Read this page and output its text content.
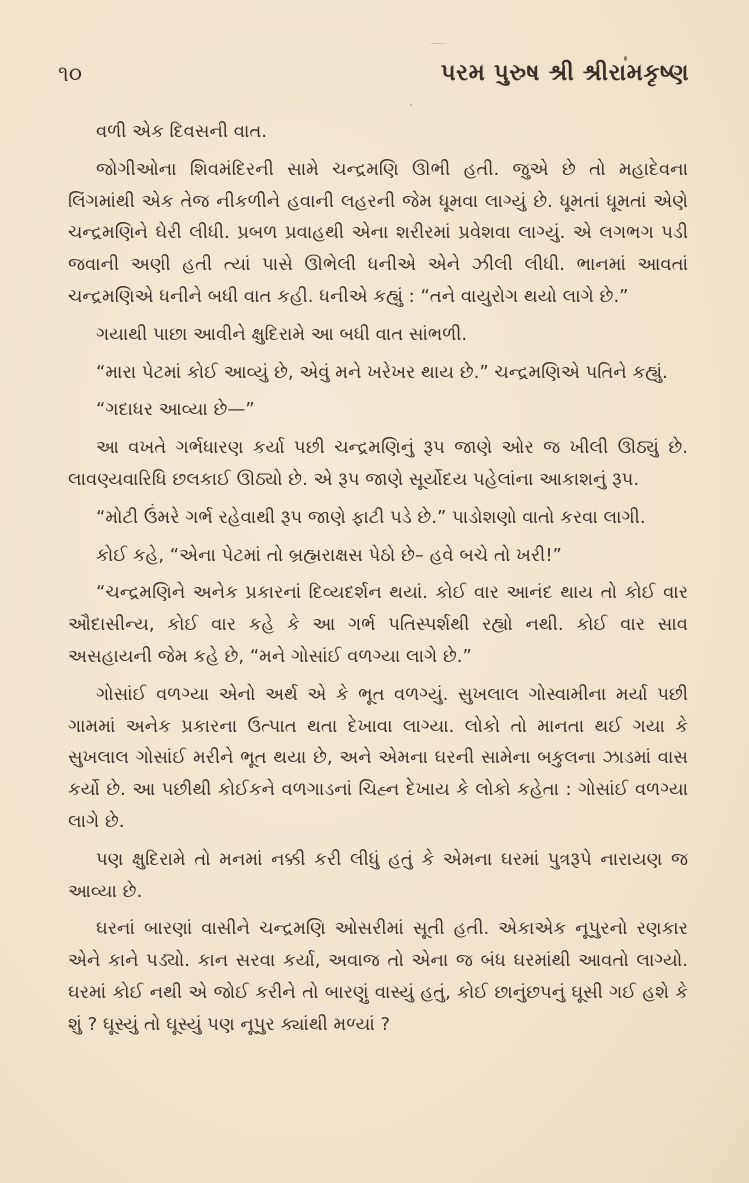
૧૦	પરમ પુરુષ શ્રી શ્રીરામકૃષ્ણ

વળી એક દિવસની વાત.

જોગીઓના શિવમંદિરની સામે ચન્દ્રમણિ ઊભી હતી. જુએ છે તો મહાદેવના લિંગમાંથી એક તેજ નીકળીને હવાની લહરની જેમ ધૂમવા લાગ્યું છે. ધૂમતાં ધૂમતાં એણે ચન્દ્રમણિને ઘેરી લીધી. પ્રબળ પ્રવાહથી એના શરીરમાં પ્રવેશવા લાગ્યું. એ લગભગ પડી જવાની અણી હતી ત્યાં પાસે ઊભેલી ધનીએ એને ઝીલી લીધી. ભાનમાં આવતાં ચન્દ્રમણિએ ધનીને બધી વાત કહી. ધનીએ કહ્યું : “તને વાયુરોગ થયો લાગે છે.”

ગયાથી પાછા આવીને ક્ષુદિરામે આ બધી વાત સાંભળી.

“મારા પેટમાં કોઈ આવ્યું છે, એવું મને ખરેખર થાય છે.” ચન્દ્રમણિએ પતિને કહ્યું.

“ગદાધર આવ્યા છે—”

આ વખતે ગર્ભધારણ કર્યા પછી ચન્દ્રમણિનું રૂપ જાણે ઓર જ ખીલી ઊઠ્યું છે. લાવણ્યવારિધિ છલકાઈ ઊઠ્યો છે. એ રૂપ જાણે સૂર્યોદય પહેલાંના આકાશનું રૂપ.

“મોટી ઉંમરે ગર્ભ રહેવાથી રૂપ જાણે ફાટી પડે છે.” પાડોશણો વાતો કરવા લાગી.

કોઈ કહે, “એના પેટમાં તો બ્રહ્મરાક્ષસ પેઠો છે– હવે બચે તો ખરી!”

“ચન્દ્રમણિને અનેક પ્રકારનાં દિવ્યદર્શન થયાં. કોઈ વાર આનંદ થાય તો કોઈ વાર ઔદાસીન્ય, કોઈ વાર કહે કે આ ગર્ભ પતિસ્પર્શથી રહ્યો નથી. કોઈ વાર સાવ અસહાયની જેમ કહે છે, “મને ગોસાંઈ વળગ્યા લાગે છે.”

ગોસાંઈ વળગ્યા એનો અર્થ એ કે ભૂત વળગ્યું. સુખલાલ ગોસ્વામીના મર્યા પછી ગામમાં અનેક પ્રકારના ઉત્પાત થતા દેખાવા લાગ્યા. લોકો તો માનતા થઈ ગયા કે સુખલાલ ગોસાંઈ મરીને ભૂત થયા છે, અને એમના ઘરની સામેના બકુલના ઝાડમાં વાસ કર્યો છે. આ પછીથી કોઈકને વળગાડનાં ચિહ્ન દેખાય કે લોકો કહેતા : ગોસાંઈ વળગ્યા લાગે છે.

પણ ક્ષુદિરામે તો મનમાં નક્કી કરી લીધું હતું કે એમના ઘરમાં પુત્રરૂપે નારાયણ જ આવ્યા છે.

ઘરનાં બારણાં વાસીને ચન્દ્રમણિ ઓસરીમાં સૂતી હતી. એકાએક નૂપુરનો રણકાર એને કાને પડ્યો. કાન સરવા કર્યા, અવાજ તો એના જ બંધ ઘરમાંથી આવતો લાગ્યો. ઘરમાં કોઈ નથી એ જોઈ કરીને તો બારણું વાસ્યું હતું, કોઈ છાનુંછપનું ઘૂસી ગઈ હશે કે શું ? ઘૂસ્યું તો ઘૂસ્યું પણ નૂપુર ક્યાંથી મળ્યાં ?
